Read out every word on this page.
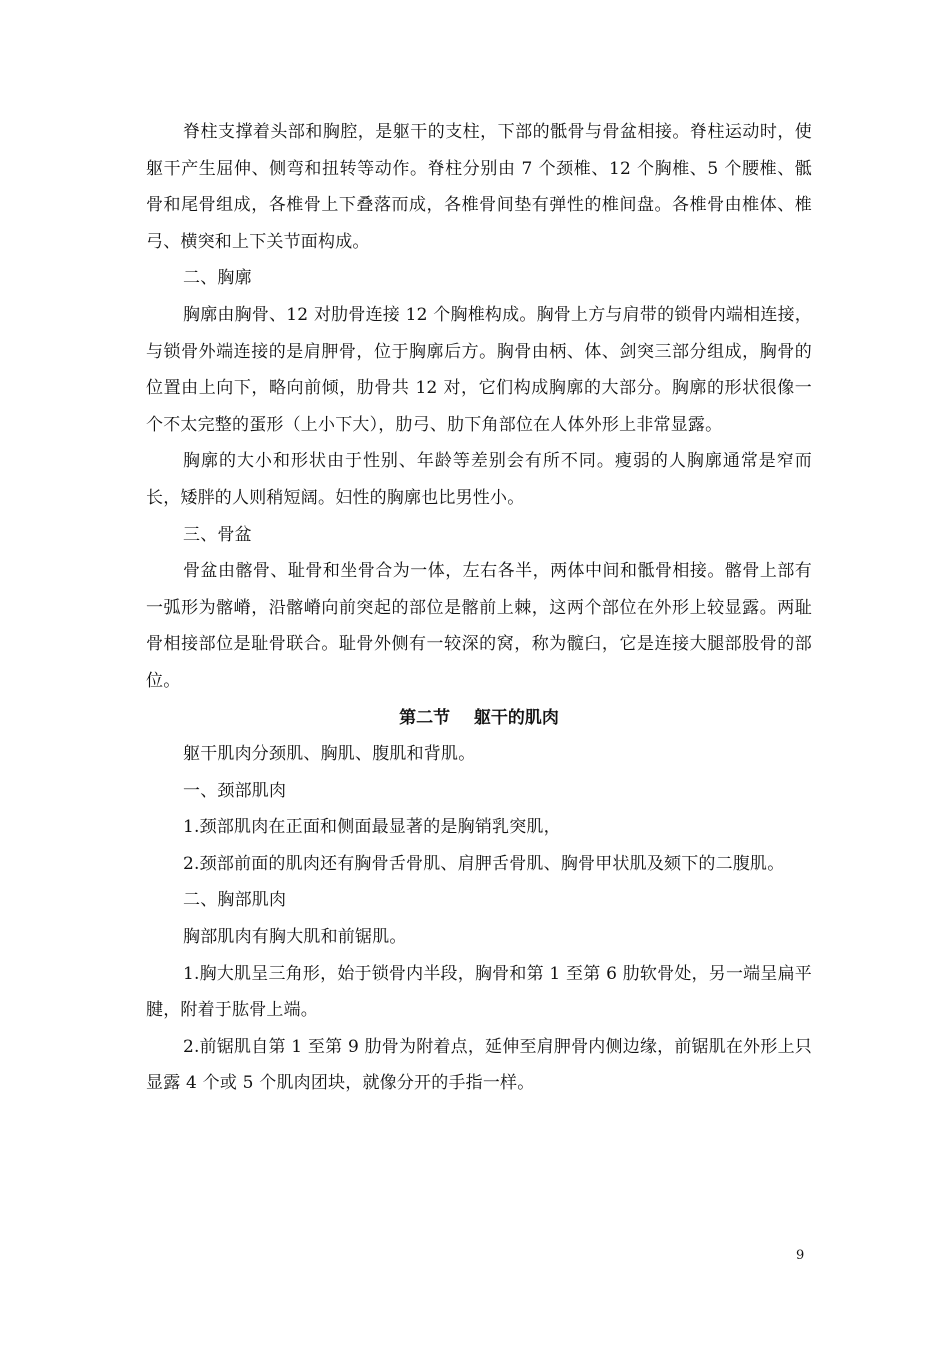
脊柱支撑着头部和胸腔，是躯干的支柱，下部的骶骨与骨盆相接。脊柱运动时，使躯干产生屈伸、侧弯和扭转等动作。脊柱分别由 7 个颈椎、12 个胸椎、5 个腰椎、骶骨和尾骨组成，各椎骨上下叠落而成，各椎骨间垫有弹性的椎间盘。各椎骨由椎体、椎弓、横突和上下关节面构成。

二、胸廓

胸廓由胸骨、12 对肋骨连接 12 个胸椎构成。胸骨上方与肩带的锁骨内端相连接，与锁骨外端连接的是肩胛骨，位于胸廓后方。胸骨由柄、体、剑突三部分组成，胸骨的位置由上向下，略向前倾，肋骨共 12 对，它们构成胸廓的大部分。胸廓的形状很像一个不太完整的蛋形（上小下大），肋弓、肋下角部位在人体外形上非常显露。

胸廓的大小和形状由于性别、年龄等差别会有所不同。瘦弱的人胸廓通常是窄而长，矮胖的人则稍短阔。妇性的胸廓也比男性小。

三、骨盆

骨盆由髂骨、耻骨和坐骨合为一体，左右各半，两体中间和骶骨相接。髂骨上部有一弧形为髂嵴，沿髂嵴向前突起的部位是髂前上棘，这两个部位在外形上较显露。两耻骨相接部位是耻骨联合。耻骨外侧有一较深的窝，称为髋臼，它是连接大腿部股骨的部位。

第二节    躯干的肌肉

躯干肌肉分颈肌、胸肌、腹肌和背肌。

一、颈部肌肉

1.颈部肌肉在正面和侧面最显著的是胸销乳突肌，

2.颈部前面的肌肉还有胸骨舌骨肌、肩胛舌骨肌、胸骨甲状肌及颏下的二腹肌。

二、胸部肌肉

胸部肌肉有胸大肌和前锯肌。

1.胸大肌呈三角形，始于锁骨内半段，胸骨和第 1 至第 6 肋软骨处，另一端呈扁平腱，附着于肱骨上端。

2.前锯肌自第 1 至第 9 肋骨为附着点，延伸至肩胛骨内侧边缘，前锯肌在外形上只显露 4 个或 5 个肌肉团块，就像分开的手指一样。

9
